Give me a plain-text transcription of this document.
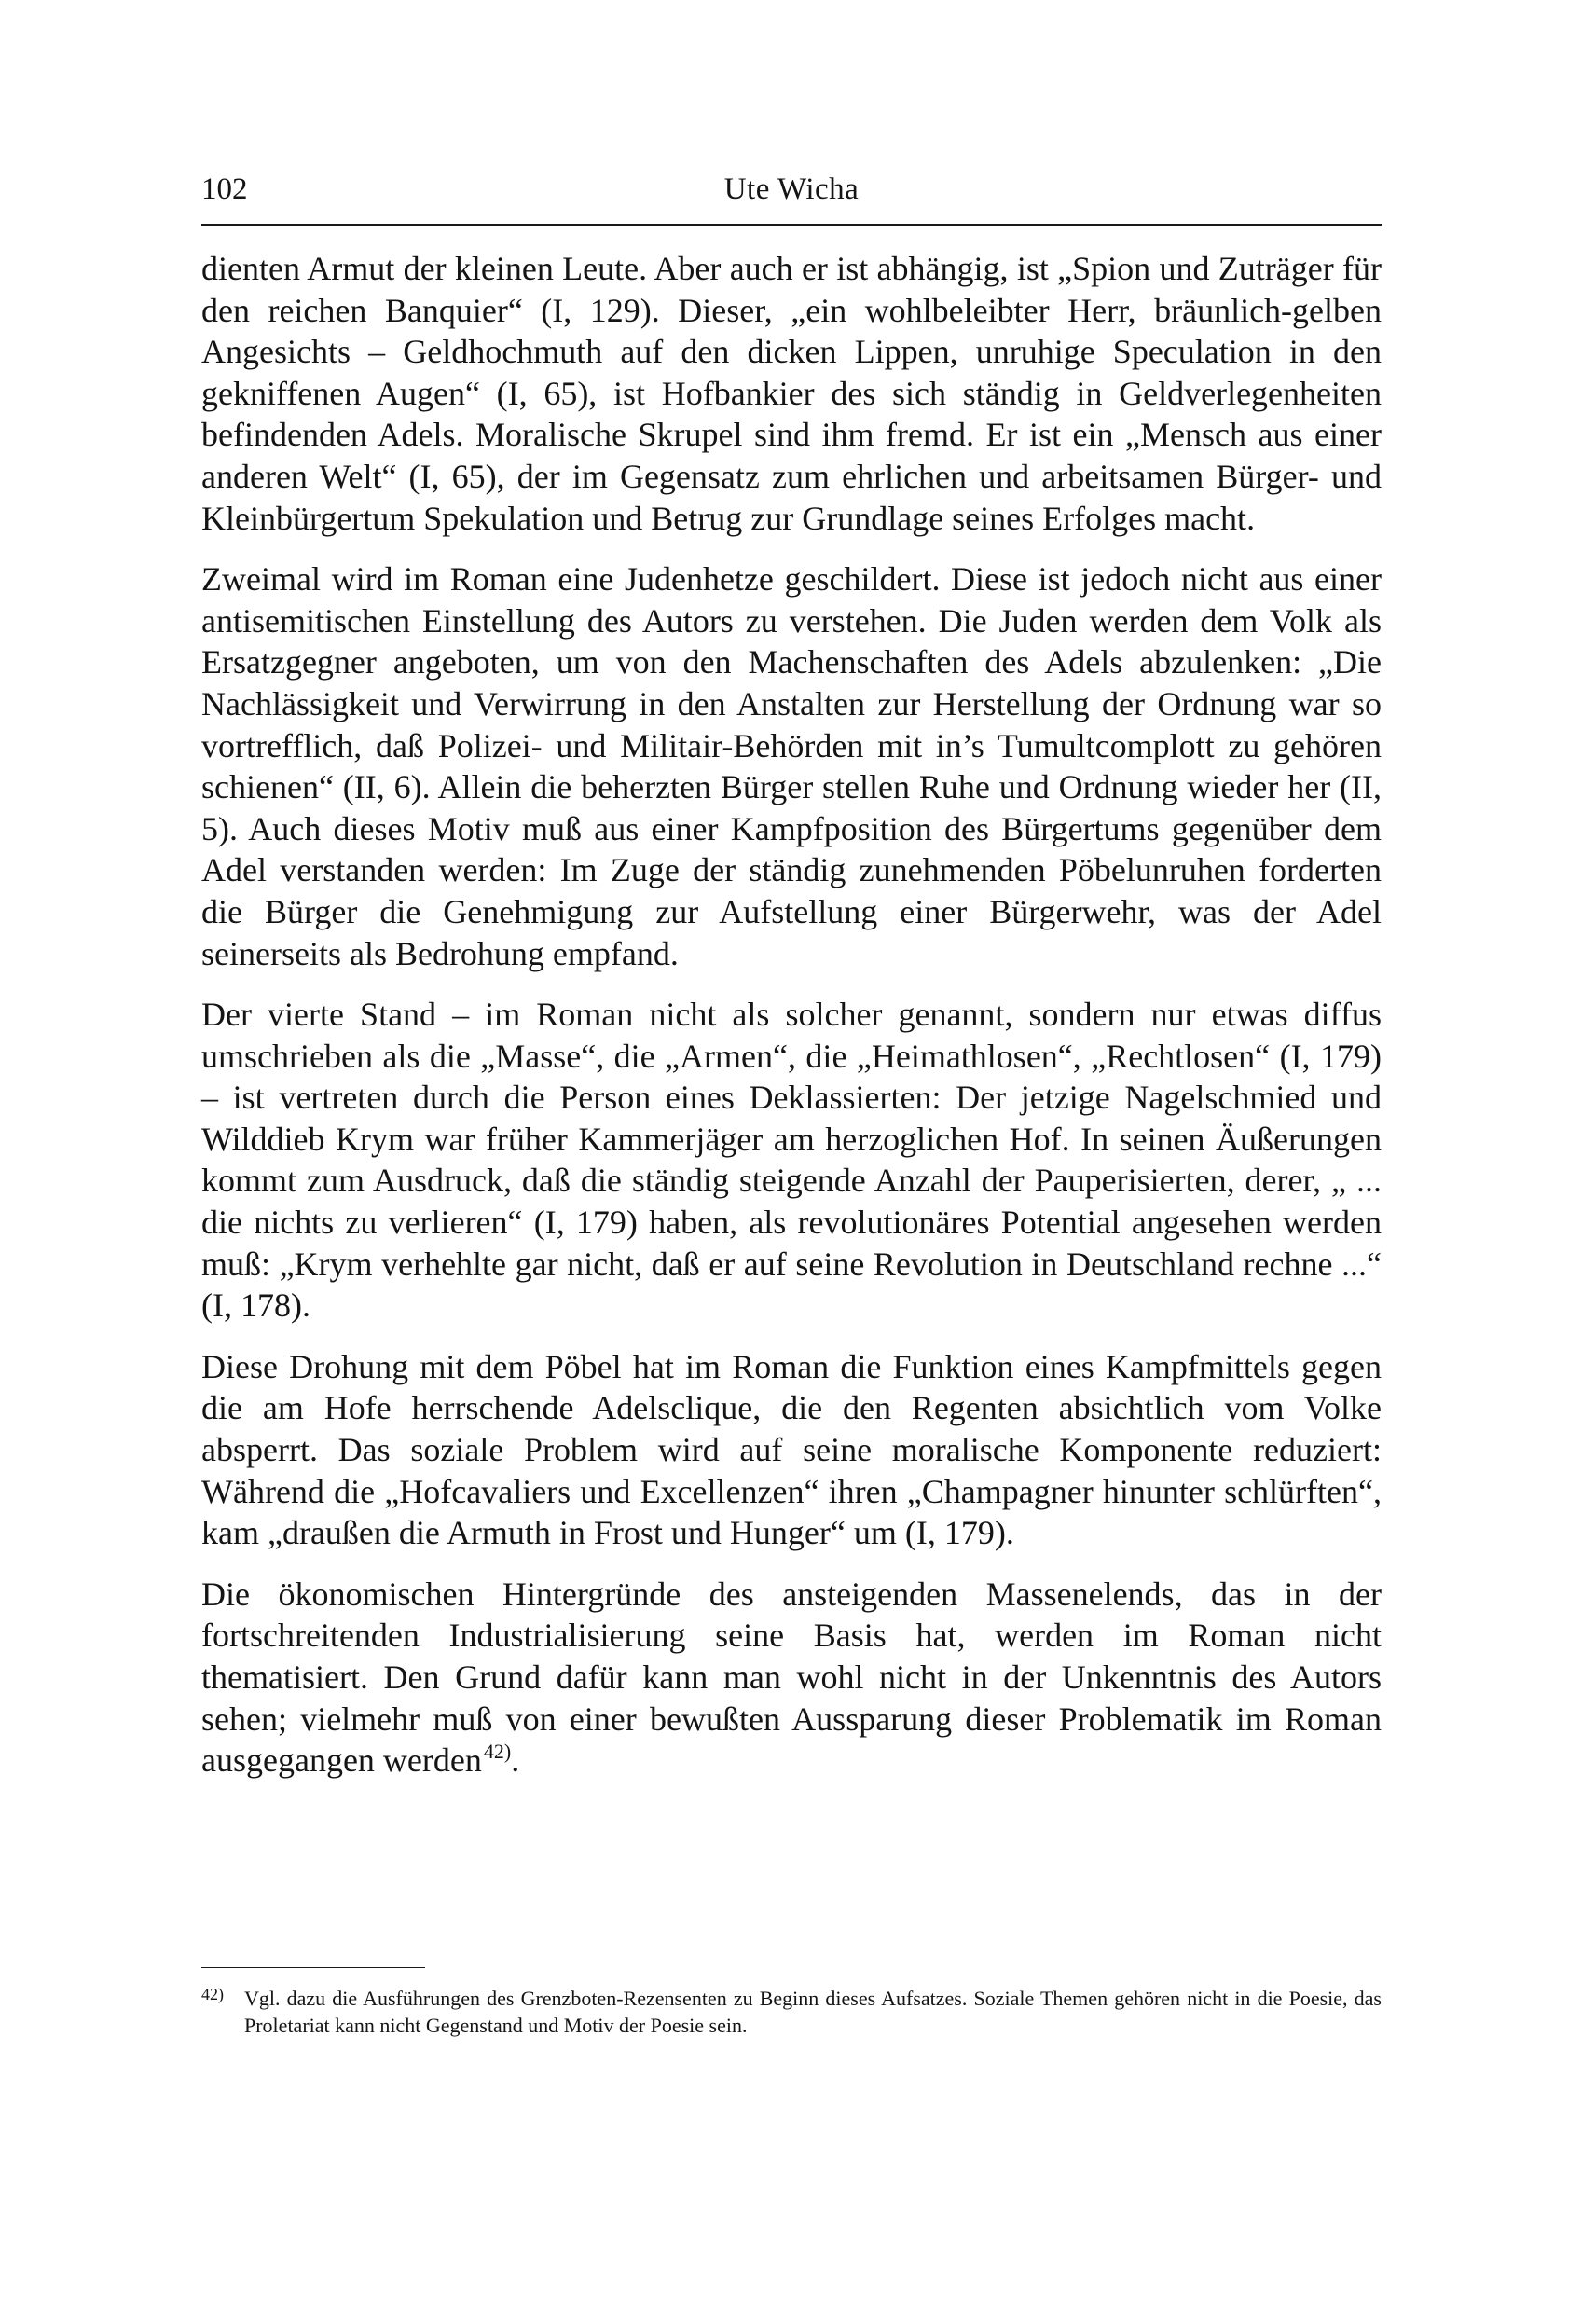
102	Ute Wicha

dienten Armut der kleinen Leute. Aber auch er ist abhängig, ist „Spion und Zuträger für den reichen Banquier“ (I, 129). Dieser, „ein wohlbeleibter Herr, bräunlich-gelben Angesichts – Geldhochmuth auf den dicken Lippen, unruhige Speculation in den gekniffenen Augen“ (I, 65), ist Hofbankier des sich ständig in Geldverlegenheiten befindenden Adels. Moralische Skrupel sind ihm fremd. Er ist ein „Mensch aus einer anderen Welt“ (I, 65), der im Gegensatz zum ehrlichen und arbeitsamen Bürger- und Kleinbürgertum Spekulation und Betrug zur Grundlage seines Erfolges macht.

Zweimal wird im Roman eine Judenhetze geschildert. Diese ist jedoch nicht aus einer antisemitischen Einstellung des Autors zu verstehen. Die Juden werden dem Volk als Ersatzgegner angeboten, um von den Machenschaften des Adels abzulenken: „Die Nachlässigkeit und Verwirrung in den Anstalten zur Herstellung der Ordnung war so vortrefflich, daß Polizei- und Militair-Behörden mit in’s Tumultcomplott zu gehören schienen“ (II, 6). Allein die beherzten Bürger stellen Ruhe und Ordnung wieder her (II, 5). Auch dieses Motiv muß aus einer Kampfposition des Bürgertums gegenüber dem Adel verstanden werden: Im Zuge der ständig zunehmenden Pöbelunruhen forderten die Bürger die Genehmigung zur Aufstellung einer Bürgerwehr, was der Adel seinerseits als Bedrohung empfand.

Der vierte Stand – im Roman nicht als solcher genannt, sondern nur etwas diffus umschrieben als die „Masse“, die „Armen“, die „Heimathlosen“, „Rechtlosen“ (I, 179) – ist vertreten durch die Person eines Deklassierten: Der jetzige Nagelschmied und Wilddieb Krym war früher Kammerjäger am herzoglichen Hof. In seinen Äußerungen kommt zum Ausdruck, daß die ständig steigende Anzahl der Pauperisierten, derer, „ ... die nichts zu verlieren“ (I, 179) haben, als revolutionäres Potential angesehen werden muß: „Krym verhehlte gar nicht, daß er auf seine Revolution in Deutschland rechne ...“ (I, 178).

Diese Drohung mit dem Pöbel hat im Roman die Funktion eines Kampfmittels gegen die am Hofe herrschende Adelsclique, die den Regenten absichtlich vom Volke absperrt. Das soziale Problem wird auf seine moralische Komponente reduziert: Während die „Hofcavaliers und Excellenzen“ ihren „Champagner hinunter schlürften“, kam „draußen die Armuth in Frost und Hunger“ um (I, 179).

Die ökonomischen Hintergründe des ansteigenden Massenelends, das in der fortschreitenden Industrialisierung seine Basis hat, werden im Roman nicht thematisiert. Den Grund dafür kann man wohl nicht in der Unkenntnis des Autors sehen; vielmehr muß von einer bewußten Aussparung dieser Problematik im Roman ausgegangen werden$^{42)}$.

42) Vgl. dazu die Ausführungen des Grenzboten-Rezensenten zu Beginn dieses Aufsatzes. Soziale Themen gehören nicht in die Poesie, das Proletariat kann nicht Gegenstand und Motiv der Poesie sein.
